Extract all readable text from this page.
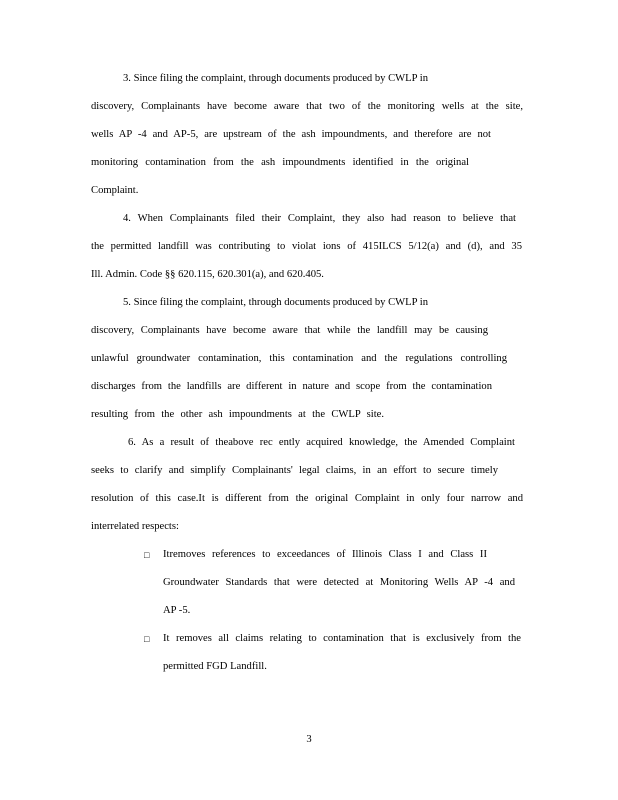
3. Since filing the complaint, through documents produced by CWLP in
discovery, Complainants have become aware that two of the monitoring wells at the site,
wells AP -4 and AP-5, are upstream of the ash impoundments, and therefore are not
monitoring contamination from the ash impoundments identified in the original
Complaint.
4. When Complainants filed their Complaint, they also had reason to believe that
the permitted landfill was contributing to violat ions of 415ILCS 5/12(a) and (d), and 35
Ill. Admin. Code §§ 620.115, 620.301(a), and 620.405.
5. Since filing the complaint, through documents produced by CWLP in
discovery, Complainants have become aware that while the landfill may be causing
unlawful groundwater contamination, this contamination and the regulations controlling
discharges from the landfills are different in nature and scope from the contamination
resulting from the other ash impoundments at the CWLP site.
6. As a result of theabove rec ently acquired knowledge, the Amended Complaint
seeks to clarify and simplify Complainants' legal claims, in an effort to secure timely
resolution of this case.It is different from the original Complaint in only four narrow and
interrelated respects:
□ Itremoves references to exceedances of Illinois Class I and Class II
Groundwater Standards that were detected at Monitoring Wells AP -4 and
AP -5.
□ It removes all claims relating to contamination that is exclusively from the
permitted FGD Landfill.
3
